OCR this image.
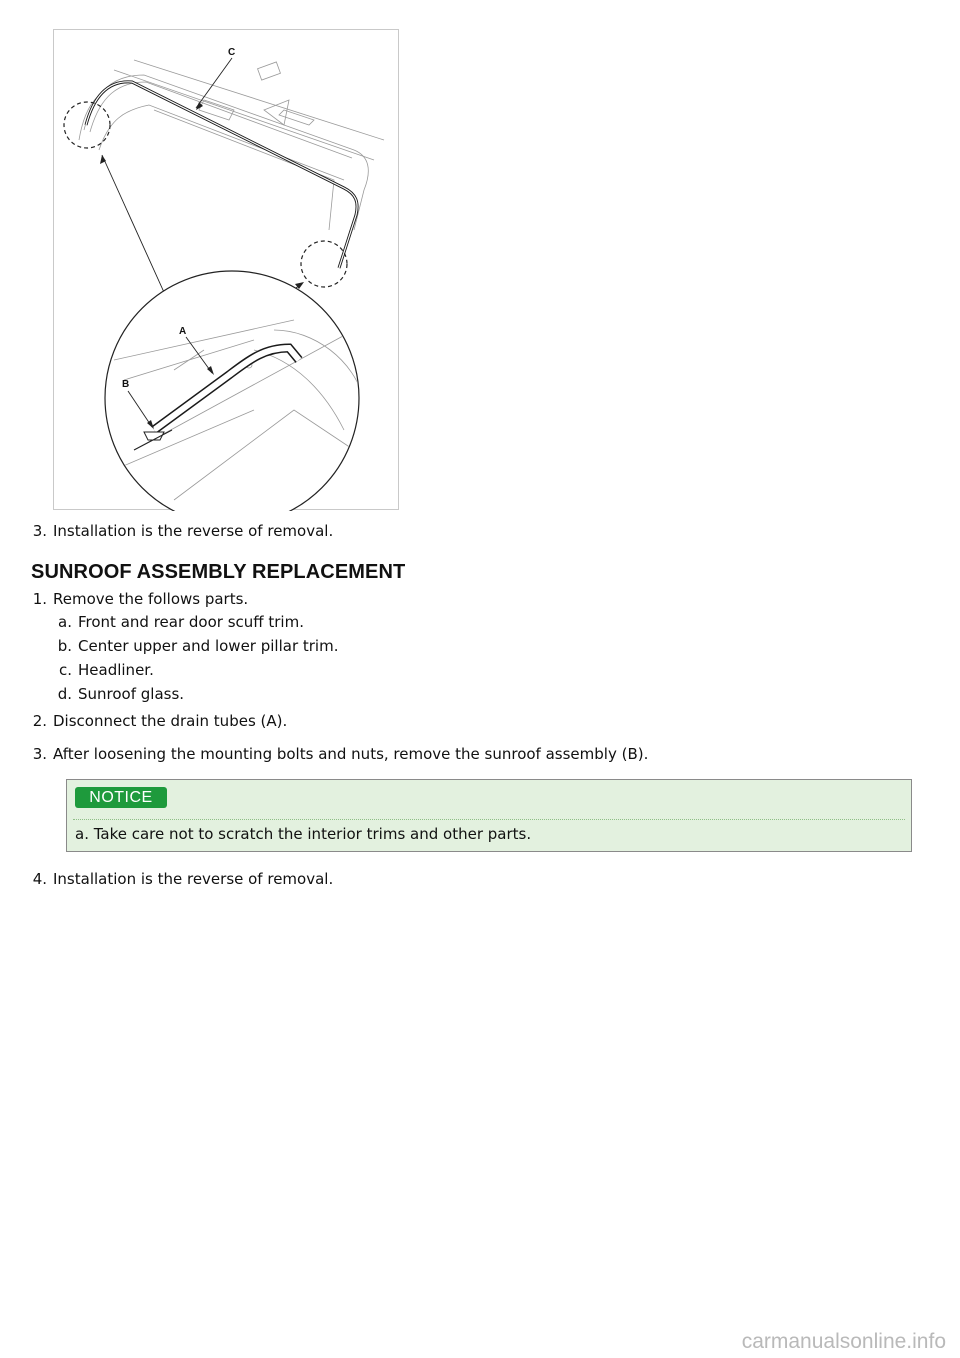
C
A
B
3. Installation is the reverse of removal.
SUNROOF ASSEMBLY REPLACEMENT
1. Remove the follows parts.
a. Front and rear door scuff trim.
b. Center upper and lower pillar trim.
c. Headliner.
d. Sunroof glass.
2. Disconnect the drain tubes (A).
3. After loosening the mounting bolts and nuts, remove the sunroof assembly (B).
NOTICE
a. Take care not to scratch the interior trims and other parts.
4. Installation is the reverse of removal.
carmanualsonline.info
